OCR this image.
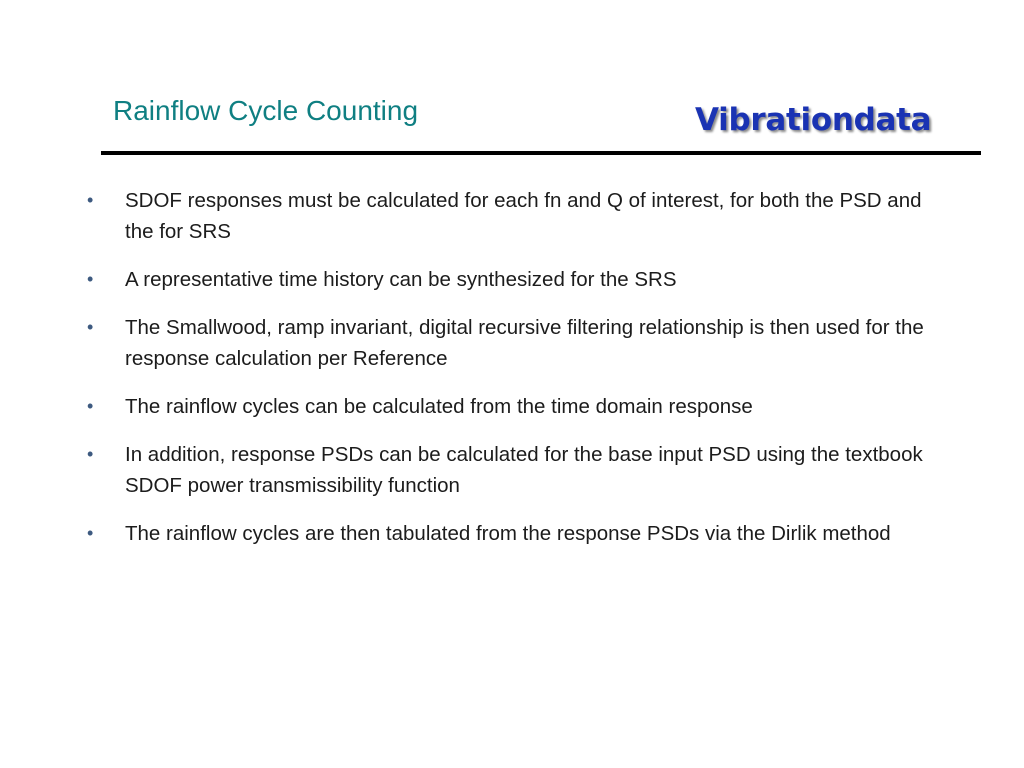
Rainflow Cycle Counting	Vibrationdata
• SDOF responses must be calculated for each fn and Q of interest, for both the PSD and the for SRS
• A representative time history can be synthesized for the SRS
• The Smallwood, ramp invariant, digital recursive filtering relationship is then used for the response calculation per Reference
• The rainflow cycles can be calculated from the time domain response
• In addition, response PSDs can be calculated for the base input PSD using the textbook SDOF power transmissibility function
• The rainflow cycles are then tabulated from the response PSDs via the Dirlik method
